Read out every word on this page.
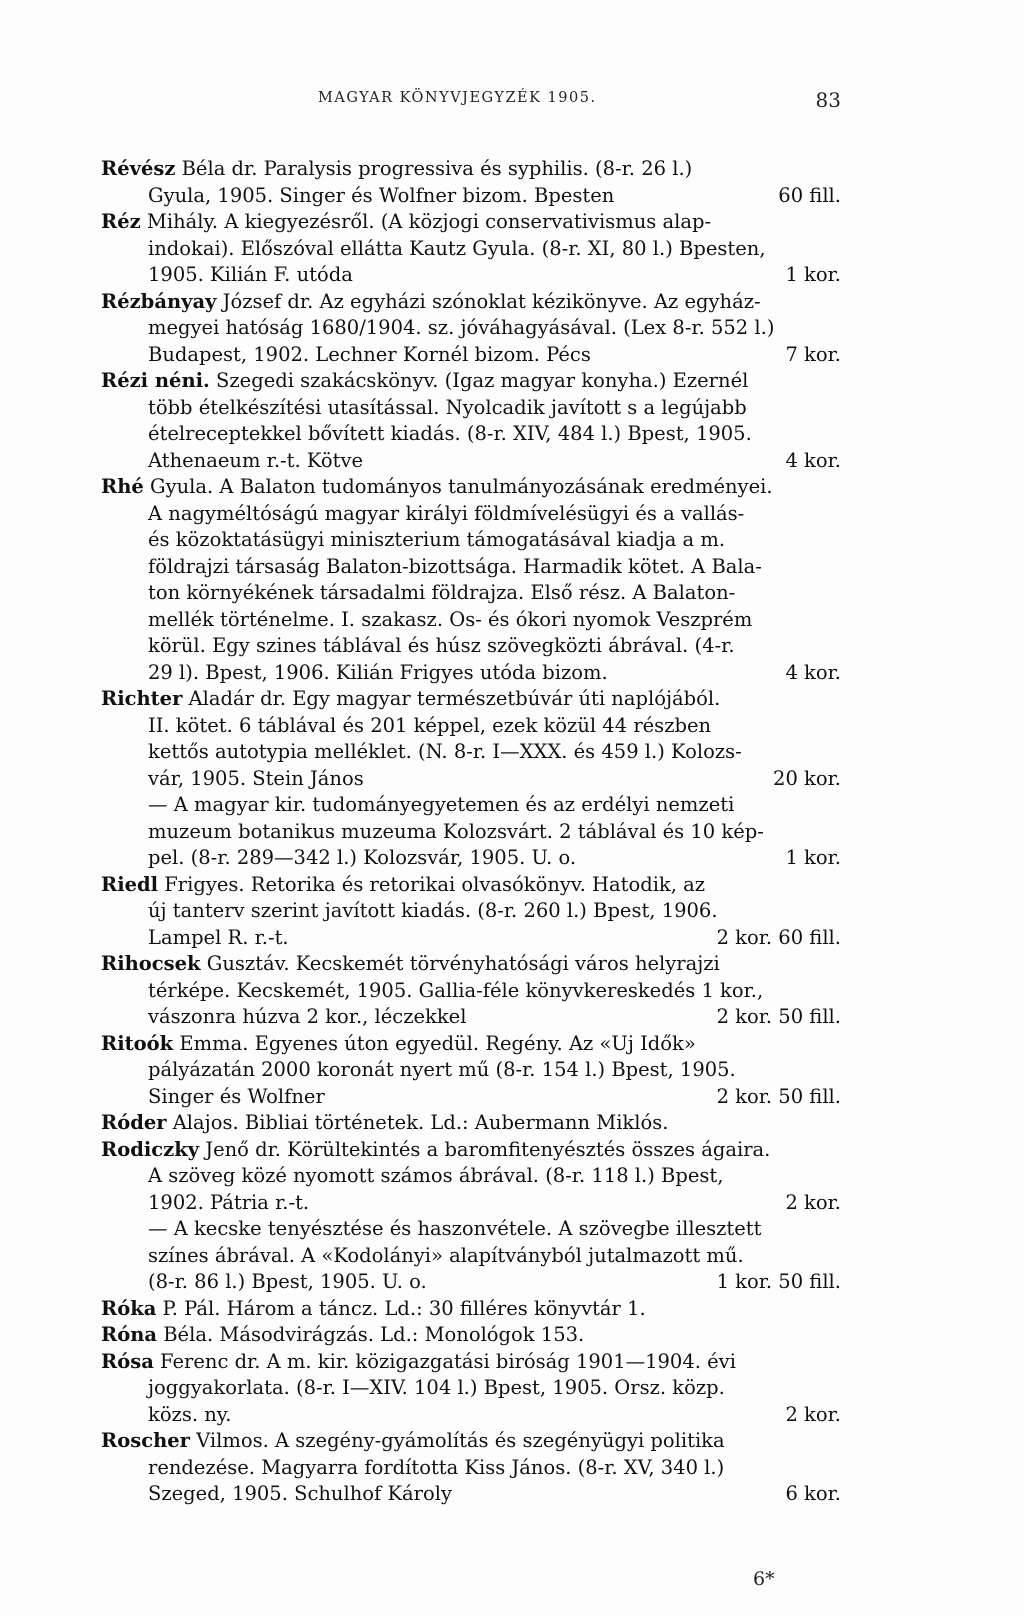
MAGYAR KÖNYVJEGYZÉK 1905.	83
Révész Béla dr. Paralysis progressiva és syphilis. (8-r. 26 l.)
Gyula, 1905. Singer és Wolfner bizom. Bpesten	60 fill.
Réz Mihály. A kiegyezésről. (A közjogi conservativismus alap-
indokai). Előszóval ellátta Kautz Gyula. (8-r. XI, 80 l.) Bpesten,
1905. Kilián F. utóda	1 kor.
Rézbányay József dr. Az egyházi szónoklat kézikönyve. Az egyház-
megyei hatóság 1680/1904. sz. jóváhagyásával. (Lex 8-r. 552 l.)
Budapest, 1902. Lechner Kornél bizom. Pécs	7 kor.
Rézi néni. Szegedi szakácskönyv. (Igaz magyar konyha.) Ezernél
több ételkészítési utasítással. Nyolcadik javított s a legújabb
ételreceptekkel bővített kiadás. (8-r. XIV, 484 l.) Bpest, 1905.
Athenaeum r.-t. Kötve	4 kor.
Rhé Gyula. A Balaton tudományos tanulmányozásának eredményei.
A nagyméltóságú magyar királyi földmívelésügyi és a vallás-
és közoktatásügyi miniszterium támogatásával kiadja a m.
földrajzi társaság Balaton-bizottsága. Harmadik kötet. A Bala-
ton környékének társadalmi földrajza. Első rész. A Balaton-
mellék történelme. I. szakasz. Os- és ókori nyomok Veszprém
körül. Egy szines táblával és húsz szövegközti ábrával. (4-r.
29 l). Bpest, 1906. Kilián Frigyes utóda bizom.	4 kor.
Richter Aladár dr. Egy magyar természetbúvár úti naplójából.
II. kötet. 6 táblával és 201 képpel, ezek közül 44 részben
kettős autotypia melléklet. (N. 8-r. I—XXX. és 459 l.) Kolozs-
vár, 1905. Stein János	20 kor.
— A magyar kir. tudományegyetemen és az erdélyi nemzeti
muzeum botanikus muzeuma Kolozsvárt. 2 táblával és 10 kép-
pel. (8-r. 289—342 l.) Kolozsvár, 1905. U. o.	1 kor.
Riedl Frigyes. Retorika és retorikai olvasókönyv. Hatodik, az
új tanterv szerint javított kiadás. (8-r. 260 l.) Bpest, 1906.
Lampel R. r.-t.	2 kor. 60 fill.
Rihocsek Gusztáv. Kecskemét törvényhatósági város helyrajzi
térképe. Kecskemét, 1905. Gallia-féle könyvkereskedés 1 kor.,
vászonra húzva 2 kor., léczekkel	2 kor. 50 fill.
Ritoók Emma. Egyenes úton egyedül. Regény. Az «Uj Idők»
pályázatán 2000 koronát nyert mű (8-r. 154 l.) Bpest, 1905.
Singer és Wolfner	2 kor. 50 fill.
Róder Alajos. Bibliai történetek. Ld.: Aubermann Miklós.
Rodiczky Jenő dr. Körültekintés a baromfitenyésztés összes ágaira.
A szöveg közé nyomott számos ábrával. (8-r. 118 l.) Bpest,
1902. Pátria r.-t.	2 kor.
— A kecske tenyésztése és haszonvétele. A szövegbe illesztett
színes ábrával. A «Kodolányi» alapítványból jutalmazott mű.
(8-r. 86 l.) Bpest, 1905. U. o.	1 kor. 50 fill.
Róka P. Pál. Három a táncz. Ld.: 30 filléres könyvtár 1.
Róna Béla. Másodvirágzás. Ld.: Monológok 153.
Rósa Ferenc dr. A m. kir. közigazgatási biróság 1901—1904. évi
joggyakorlata. (8-r. I—XIV. 104 l.) Bpest, 1905. Orsz. közp.
közs. ny.	2 kor.
Roscher Vilmos. A szegény-gyámolítás és szegényügyi politika
rendezése. Magyarra fordította Kiss János. (8-r. XV, 340 l.)
Szeged, 1905. Schulhof Károly	6 kor.
6*
